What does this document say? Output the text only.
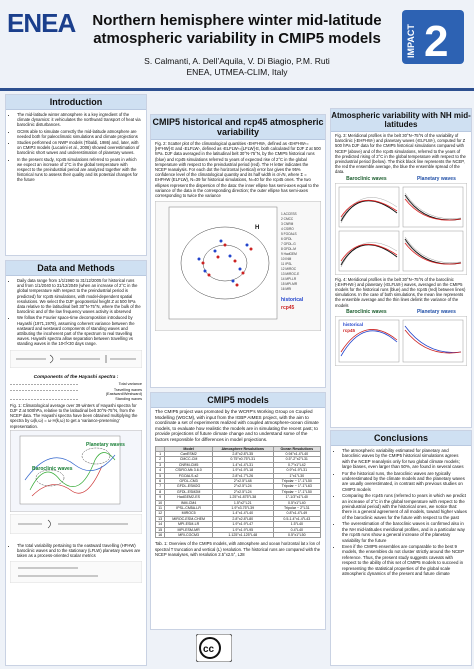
ENEA	Northern hemisphere winter mid-latitude
atmospheric variability in CMIP5 models
S. Calmanti, A. Dell’Aquila, V. Di Biagio, P.M. Ruti
ENEA, UTMEA-CLIM, Italy
IMPACT 2
Introduction
• The mid-latitude winter atmosphere is a key ingredient of the climate dynamics: it vehiculates the northward transport of heat via baroclinic disturbances.
• GCMs able to simulate correctly the mid-latitude atmosphere are needed both for paleoclimatic simulations and climate projections
• Studies performed on NWP models (Tibaldi, 1986) and, later, with on CMIP3 models (Lucarini et al., 2006) showed overestimation of baroclinic short waves and underestimation of planetary waves.
• In the present study, rcp45 simulations referred to years in which we expect an increase of 2°C in the global temperature with respect to the preindustrial period are analyzed together with the historical runs to assess their quality and its potential changes for the future
Data and Methods
• Daily data range from 1/1/1960 to 31/12/2005 for historical runs and from 1/1/2040 to 31/12/2049 (when an increase of 2°C in the global temperature with respect to the preindustrial period is predicted) for rcp45 simulations, with model-dependent spatial resolutions. We select the DJF geopotential height Z at 500 hPa data relative to the latitudinal belt 30°N-75°N, where the bulk of the baroclinic and of the low frequency waves activity is observed
• We follow the Fourier space-time decomposition introduced by Hayashi (1971,1979), assuming coherent variance between the eastward and westward components of standing waves and attributing the incoherent part of the spectrum to real travelling waves. Hayashi spectra allow separation between travelling vs standing waves in the 10<f<30 days range.
Components of the Hayashi spectra :
Total variance
Travelling waves (Eastward/Westward)
Standing waves
Fig. 1: Climatological average over 39 winters of Hayashi spectra for DJF Z at 500hPa, relative to the latitudinal belt 30°N-75°N, from the NCEP data. The Hayashi spectra have been obtained multiplying the spectra by ω(k,ω) = ω·H(k,ω) to get a 'variance-preserving' representation.
Baroclinic waves
Planetary waves
• The total variability pertaining to the eastward travelling (HFHW) baroclinic waves and to the stationary (LFLW) planetary waves are taken as a process-oriented scalar metrics
CMIP5 historical and rcp45 atmospheric variability
Fig. 2: Scatter plot of the climatological quantities ‹EHFHW›, defined as ‹EHFHW›=[HFHW]·E and ‹ELFLW›, defined as ‹ELFLW›=[LFLW]·E, both calculated for DJF Z at 500 hPa. DJF data averaged in the latitudinal belt 30°N-75°N, by the CMIP5 historical runs (blue) and rcp45 simulations referred to years of expected rise of 2°C in the global temperature with respect to the preindustrial period (red). The H letter indicates the NCEP reanalysis. For each dot the horizontal (vertical) error bar gives the 95% confidence level of the climatological quantity and its half width is σ/√N, where Σ = EHFHW (ELFLW), N=39 for historical simulations, N=40 for the rcp45 ones. The two ellipses represent the dispersion of the data: the inner ellipse has semi-axes equal to the variance of the data in the corresponding direction; the outer ellipse has semi-axes corresponding to twice the variance
H
1 ACCESS
2 CMCC
3 CNRM
4 CSIRO
5 FGOALS
6 GFDL
7 GFDL-G
8 GFDL-M
9 HadGEM
10 INM
11 IPSL
12 MIROC
13 MIROC-E
14 MPI-LR
15 MPI-MR
16 MRI
historical
rcp45
CMIP5 models
The CMIP5 project was promoted by the WCRP's Working Group on Coupled Modelling (WGCM), with input from the IGBP AIMES project, with the aim to coordinate a set of experiments realized with coupled atmosphere-ocean climate models, to evaluate how realistic the models are in simulating the recent past; to provide projections of future climate change and to understand some of the factors responsible for differences in model projections.
	Model	Atmosphere Resolutions	Ocean Resolutions
1	CanESM2	2.8°x2.8°L35	0.94°x1.4°L40
2	CMCC-CM	0.75°x0.75°L31	0.5°-2°x2°L31
3	CNRM-CM5	1.4°x1.4°L31	0.7°x1°L42
4	CSIRO-Mk 3.6.0	1.9°x1.9°L18	0.9°x1.9°L31
5	FGOALS-s2	2.8°x1.7°L26	1°x1°L30
6	GFDL-CM3	2°x2.5°L48	Tripolar ~ 1°-1°L50
7	GFDL-ESM2G	2°x2.5°L24	Tripolar ~ 1°-1°L63
8	GFDL-ESM2M	2°x2.5°L24	Tripolar ~ 1°-1°L50
9	HadGEM2-ES	1.25°x1.875°L38	1°-1/3°x1°L40
10	INM-CM4	1.5°x2°L21	0.5°x1°L40
11	IPSL-CM5A-LR	1.9°x3.75°L39	Tripolar ~ 2°L31
12	MIROC5	1.4°x1.4°L40	0.8°x1.4°L49
13	MIROC-ESM-CHEM	2.8°x2.8°L80	0.5-1.4°x1.4°L43
14	MPI-ESM-LR	1.9°x1.9°L47	1.5°L40
15	MPI-ESM-MR	1.9°x1.9°L95	0.4°L40
16	MRI-CGCM3	1.125°x1.125°L48	0.5°x1°L50
Tab. 1: Overview of the CMIP5 models, with atmosphere and ocean horizontal lat x lon of spectral T truncation and vertical (L) resolution. The historical runs are compared with the NCEP reanalyses, with resolution 2.5°x2.5°, L28
cc
Atmospheric variability with NH mid-latitudes
Fig. 3: Meridional profiles in the belt 30°N–75°N of the variability of baroclinic (‹EHFHW›) and planetary waves (‹ELFLW›), computed for Z 500 hPa DJF data for the CMIP5 historical simulations compared with NCEP (above) and of the rcp45 simulations, referred to the years of the predicted rising of 2°C in the global temperature with respect to the preindustrial period (below). The thick black line represents the NCEP, the red the ensemble average, the blue the ensemble spread of the data.
Baroclinic waves	Planetary waves
Fig. 4: Meridional profiles in the belt 30°N–75°N of the baroclinic (‹EHFHW›) and planetary (‹ELFLW›) waves, averaged on the CMIP5 models for the historical runs (blue) and the rcp45 (red) between lines) simulations. In the case of both simulations, the mean line represents the ensemble average and the thin lines delimit the variance of the models
Baroclinic waves	Planetary waves
historical
rcp45
Conclusions
• The atmospheric variability estimated for planetary and baroclinic waves by the CMIP5 historical simulations agrees with the NCEP reanalysis only for two global climate models; large biases, even larger than 50%, are found in several cases
• For the historical runs, the baroclinic waves are typically underestimated by the climate models and the planetary waves are usually overestimated, in contrast with previous studies on CMIP3 models
• Comparing the rcp45 runs (referred to years in which we predict an increase of 2°C in the global temperature with respect to the preindustrial period) with the historical ones, we notice that: there is a general agreement of all models, toward higher values of the baroclinic waves for the future with respect to the past
• The overestimation of the baroclinic waves is confirmed also in the NH mid-latitudes meridional profiles, and in a particular way the rcp45 runs show a general increase of the planetary variability for the future
• Even if the CMIP5 ensembles are comparable to the best 9 models, the ensembles do not cluster strictly around the NCEP reference. Thus, the present study suggests caveats with respect to the ability of this set of CMIP5 models to succeed in representing the statistical properties of the global scale atmospheric dynamics of the present and future climate
